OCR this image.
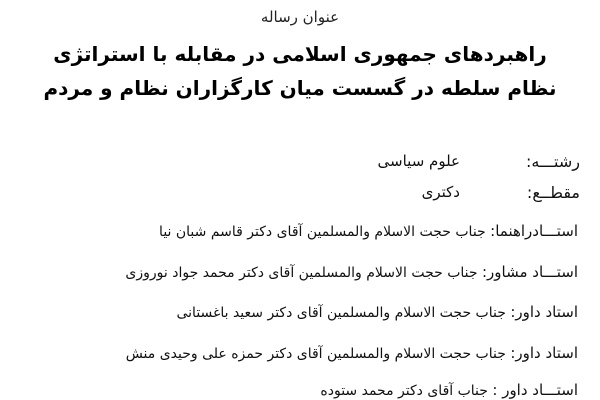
عنوان رساله
راهبردهای جمهوری اسلامی در مقابله با استراتژی
نظام سلطه در گسست میان کارگزاران نظام و مردم
رشتـــه:
علوم سیاسی
مقطــع:
دکتری
استـــادراهنما: جناب حجت الاسلام والمسلمین آقای دکتر قاسم شبان نیا
استـــاد مشاور: جناب حجت الاسلام والمسلمین آقای دکتر محمد جواد نوروزی
استاد داور: جناب حجت الاسلام والمسلمین آقای دکتر سعید باغستانی
استاد داور: جناب حجت الاسلام والمسلمین آقای دکتر حمزه علی وحیدی منش
استـــاد داور : جناب آقای دکتر محمد ستوده
